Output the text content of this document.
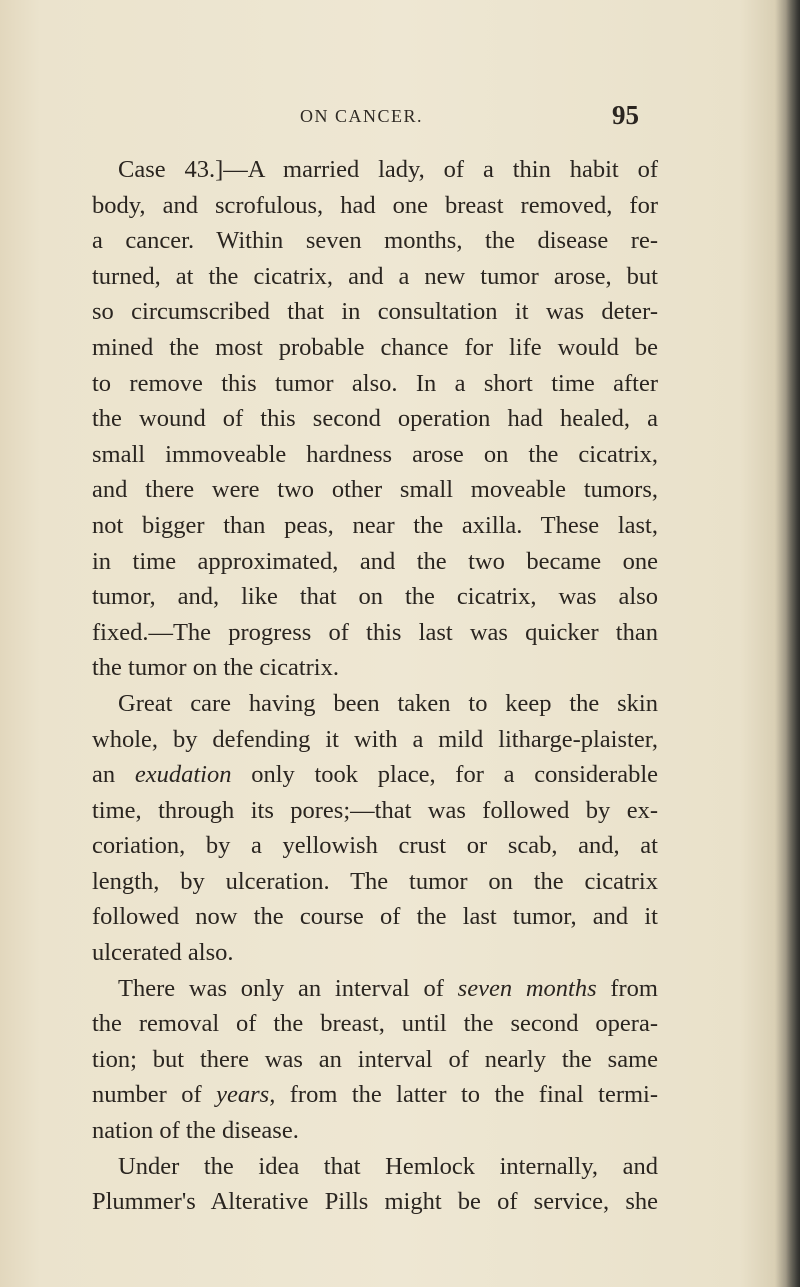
ON CANCER.	95
Case 43.]—A married lady, of a thin habit of
body, and scrofulous, had one breast removed, for
a cancer. Within seven months, the disease re-
turned, at the cicatrix, and a new tumor arose, but
so circumscribed that in consultation it was deter-
mined the most probable chance for life would be
to remove this tumor also. In a short time after
the wound of this second operation had healed, a
small immoveable hardness arose on the cicatrix,
and there were two other small moveable tumors,
not bigger than peas, near the axilla. These last,
in time approximated, and the two became one
tumor, and, like that on the cicatrix, was also
fixed.—The progress of this last was quicker than
the tumor on the cicatrix.
Great care having been taken to keep the skin
whole, by defending it with a mild litharge-plaister,
an exudation only took place, for a considerable
time, through its pores;—that was followed by ex-
coriation, by a yellowish crust or scab, and, at
length, by ulceration. The tumor on the cicatrix
followed now the course of the last tumor, and it
ulcerated also.
There was only an interval of seven months from
the removal of the breast, until the second opera-
tion; but there was an interval of nearly the same
number of years, from the latter to the final termi-
nation of the disease.
Under the idea that Hemlock internally, and
Plummer's Alterative Pills might be of service, she
